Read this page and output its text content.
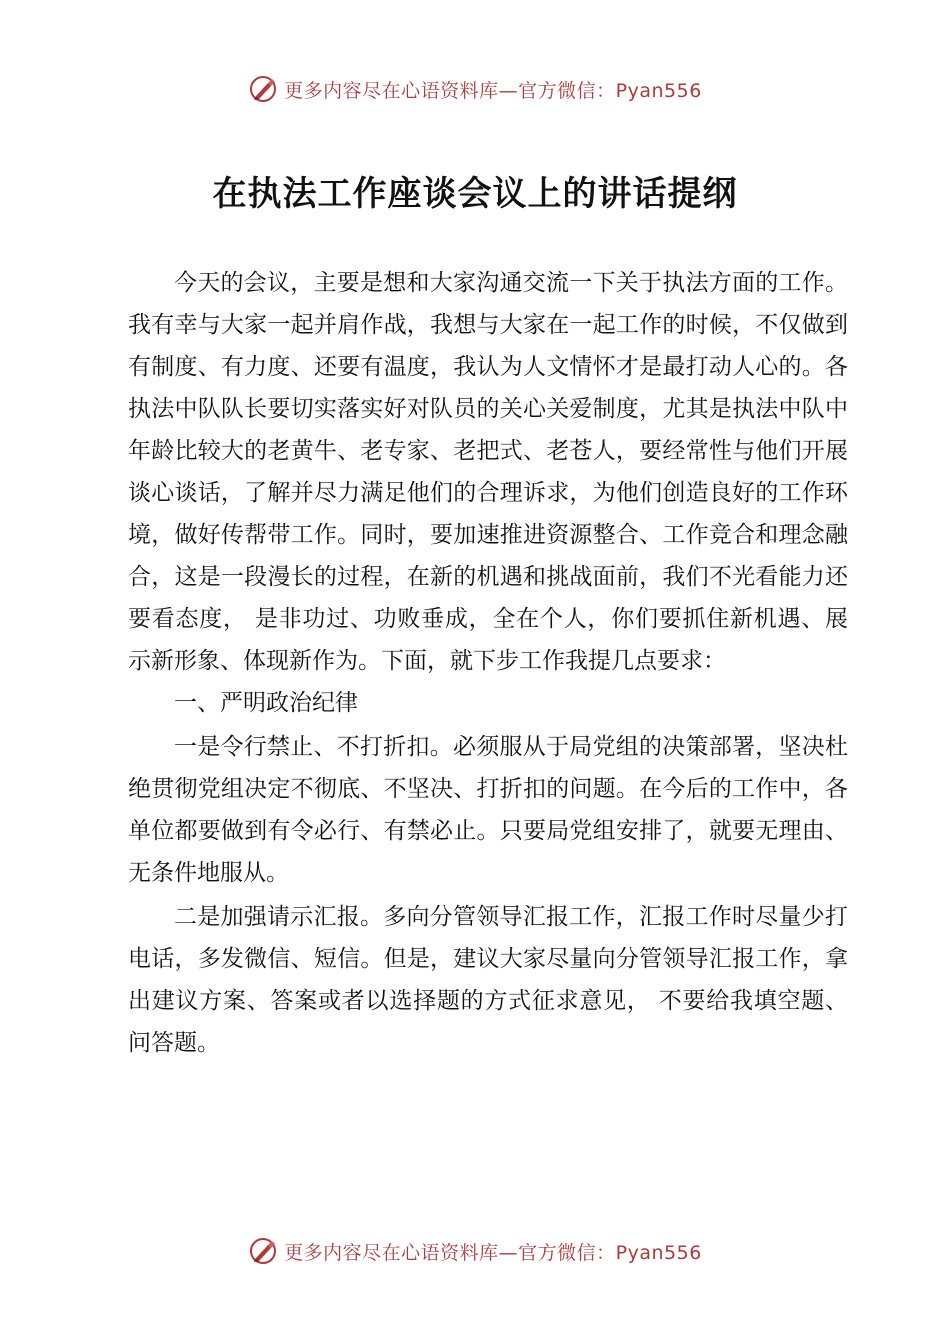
更多内容尽在心语资料库—官方微信：Pyan556
在执法工作座谈会议上的讲话提纲

今天的会议，主要是想和大家沟通交流一下关于执法方面的工作。我有幸与大家一起并肩作战，我想与大家在一起工作的时候，不仅做到有制度、有力度、还要有温度，我认为人文情怀才是最打动人心的。各执法中队队长要切实落实好对队员的关心关爱制度，尤其是执法中队中年龄比较大的老黄牛、老专家、老把式、老苍人，要经常性与他们开展谈心谈话，了解并尽力满足他们的合理诉求，为他们创造良好的工作环境，做好传帮带工作。同时，要加速推进资源整合、工作竞合和理念融合，这是一段漫长的过程，在新的机遇和挑战面前，我们不光看能力还要看态度， 是非功过、功败垂成，全在个人，你们要抓住新机遇、展示新形象、体现新作为。下面，就下步工作我提几点要求：

一、严明政治纪律

一是令行禁止、不打折扣。必须服从于局党组的决策部署，坚决杜绝贯彻党组决定不彻底、不坚决、打折扣的问题。在今后的工作中，各单位都要做到有令必行、有禁必止。只要局党组安排了，就要无理由、无条件地服从。

二是加强请示汇报。多向分管领导汇报工作，汇报工作时尽量少打电话，多发微信、短信。但是，建议大家尽量向分管领导汇报工作，拿出建议方案、答案或者以选择题的方式征求意见， 不要给我填空题、问答题。

更多内容尽在心语资料库—官方微信：Pyan556
